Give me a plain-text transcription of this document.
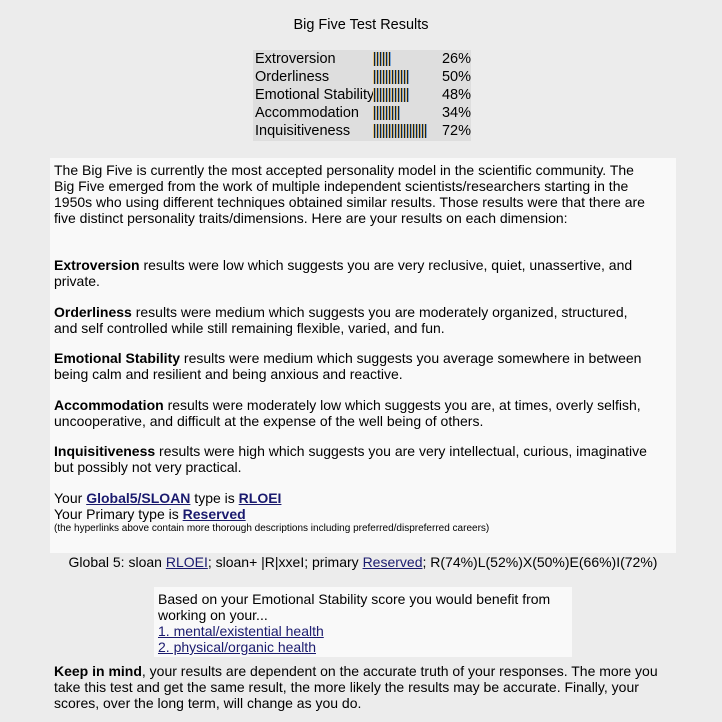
Big Five Test Results
Extroversion		26%
Orderliness		50%
Emotional Stability		48%
Accommodation		34%
Inquisitiveness		72%

The Big Five is currently the most accepted personality model in the scientific community. The Big Five emerged from the work of multiple independent scientists/researchers starting in the 1950s who using different techniques obtained similar results. Those results were that there are five distinct personality traits/dimensions. Here are your results on each dimension:

Extroversion results were low which suggests you are very reclusive, quiet, unassertive, and private.

Orderliness results were medium which suggests you are moderately organized, structured, and self controlled while still remaining flexible, varied, and fun.

Emotional Stability results were medium which suggests you average somewhere in between being calm and resilient and being anxious and reactive.

Accommodation results were moderately low which suggests you are, at times, overly selfish, uncooperative, and difficult at the expense of the well being of others.

Inquisitiveness results were high which suggests you are very intellectual, curious, imaginative but possibly not very practical.

Your Global5/SLOAN type is RLOEI
Your Primary type is Reserved
(the hyperlinks above contain more thorough descriptions including preferred/dispreferred careers)
Global 5: sloan RLOEI; sloan+ |R|xxeI; primary Reserved; R(74%)L(52%)X(50%)E(66%)I(72%)
Based on your Emotional Stability score you would benefit from working on your...
1. mental/existential health
2. physical/organic health
Keep in mind, your results are dependent on the accurate truth of your responses. The more you take this test and get the same result, the more likely the results may be accurate. Finally, your scores, over the long term, will change as you do.
